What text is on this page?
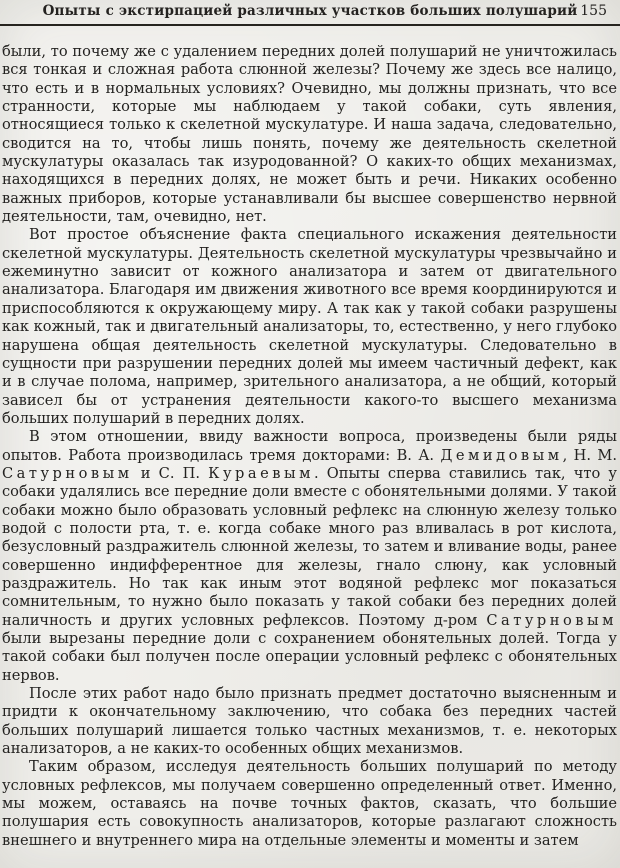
Опыты с экстирпацией различных участков больших полушарий 155

были, то почему же с удалением передних долей полушарий не уничтожилась вся тонкая и сложная работа слюнной железы? Почему же здесь все налицо, что есть и в нормальных условиях? Очевидно, мы должны признать, что все странности, которые мы наблюдаем у такой собаки, суть явления, относящиеся только к скелетной мускулатуре. И наша задача, следовательно, сводится на то, чтобы лишь понять, почему же деятельность скелетной мускулатуры оказалась так изуродованной? О каких-то общих механизмах, находящихся в передних долях, не может быть и речи. Никаких особенно важных приборов, которые устанавливали бы высшее совершенство нервной деятельности, там, очевидно, нет.

Вот простое объяснение факта специального искажения деятельности скелетной мускулатуры. Деятельность скелетной мускулатуры чрезвычайно и ежеминутно зависит от кожного анализатора и затем от двигательного анализатора. Благодаря им движения животного все время координируются и приспособляются к окружающему миру. А так как у такой собаки разрушены как кожный, так и двигательный анализаторы, то, естественно, у него глубоко нарушена общая деятельность скелетной мускулатуры. Следовательно в сущности при разрушении передних долей мы имеем частичный дефект, как и в случае полома, например, зрительного анализатора, а не общий, который зависел бы от устранения деятельности какого-то высшего механизма больших полушарий в передних долях.

В этом отношении, ввиду важности вопроса, произведены были ряды опытов. Работа производилась тремя докторами: В. А. Демидовым, Н. М. Сатурновым и С. П. Кураевым. Опыты сперва ставились так, что у собаки удалялись все передние доли вместе с обонятельными долями. У такой собаки можно было образовать условный рефлекс на слюнную железу только водой с полости рта, т. е. когда собаке много раз вливалась в рот кислота, безусловный раздражитель слюнной железы, то затем и вливание воды, ранее совершенно индифферентное для железы, гнало слюну, как условный раздражитель. Но так как иным этот водяной рефлекс мог показаться сомнительным, то нужно было показать у такой собаки без передних долей наличность и других условных рефлексов. Поэтому д-ром Сатурновым были вырезаны передние доли с сохранением обонятельных долей. Тогда у такой собаки был получен после операции условный рефлекс с обонятельных нервов.

После этих работ надо было признать предмет достаточно выясненным и придти к окончательному заключению, что собака без передних частей больших полушарий лишается только частных механизмов, т. е. некоторых анализаторов, а не каких-то особенных общих механизмов.

Таким образом, исследуя деятельность больших полушарий по методу условных рефлексов, мы получаем совершенно определенный ответ. Именно, мы можем, оставаясь на почве точных фактов, сказать, что большие полушария есть совокупность анализаторов, которые разлагают сложность внешнего и внутреннего мира на отдельные элементы и моменты и затем
